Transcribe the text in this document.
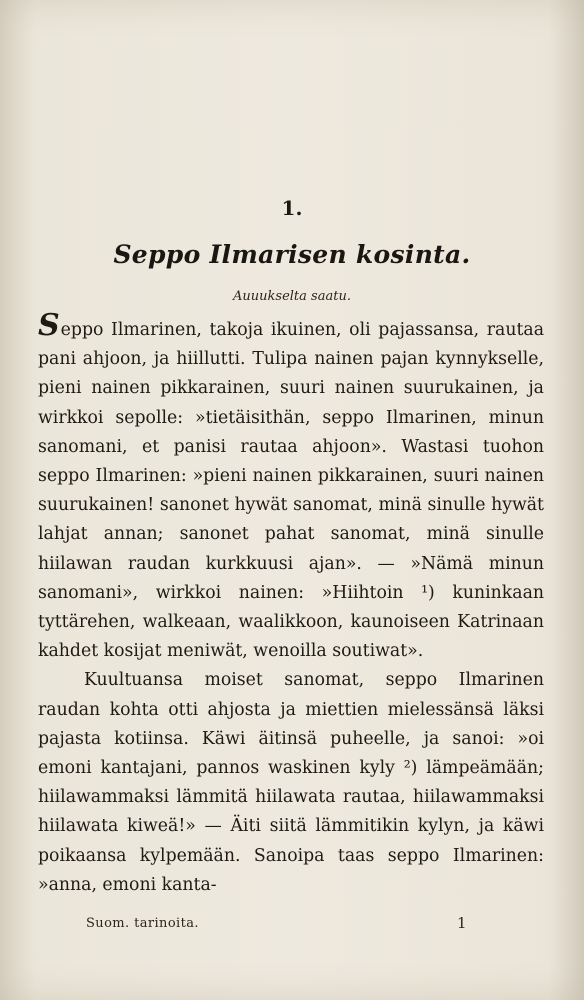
1.
Seppo Ilmarisen kosinta.
Auuukselta saatu.

Seppo Ilmarinen, takoja ikuinen, oli pajassansa, rautaa pani ahjoon, ja hiillutti. Tulipa nainen pajan kynnykselle, pieni nainen pikkarainen, suuri nainen suurukainen, ja wirkkoi sepolle: »tietäisithän, seppo Ilmarinen, minun sanomani, et panisi rautaa ahjoon». Wastasi tuohon seppo Ilmarinen: »pieni nainen pikkarainen, suuri nainen suurukainen! sanonet hywät sanomat, minä sinulle hywät lahjat annan; sanonet pahat sanomat, minä sinulle hiilawan raudan kurkkuusi ajan». — »Nämä minun sanomani», wirkkoi nainen: »Hiihtoin ¹) kuninkaan tyttärehen, walkeaan, waalikkoon, kaunoiseen Katrinaan kahdet kosijat meniwät, wenoilla soutiwat».

Kuultuansa moiset sanomat, seppo Ilmarinen raudan kohta otti ahjosta ja miettien mielessänsä läksi pajasta kotiinsa. Käwi äitinsä puheelle, ja sanoi: »oi emoni kantajani, pannos waskinen kyly ²) lämpeämään; hiilawammaksi lämmitä hiilawata rautaa, hiilawammaksi hiilawata kiweä!» — Äiti siitä lämmitikin kylyn, ja käwi poikaansa kylpemään. Sanoipa taas seppo Ilmarinen: »anna, emoni kanta-

Suom. tarinoita.	1
